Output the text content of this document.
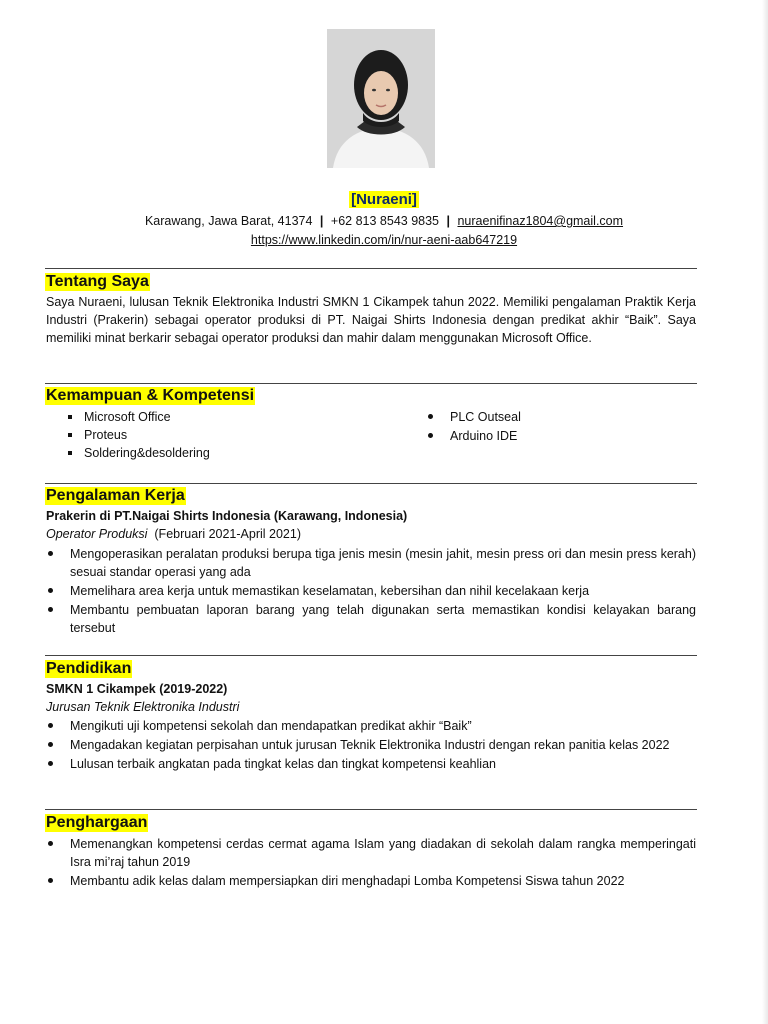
[Nuraeni]
Karawang, Jawa Barat, 41374 | +62 813 8543 9835 | nuraenifinaz1804@gmail.com
https://www.linkedin.com/in/nur-aeni-aab647219
Tentang Saya
Saya Nuraeni, lulusan Teknik Elektronika Industri SMKN 1 Cikampek tahun 2022. Memiliki pengalaman Praktik Kerja Industri (Prakerin) sebagai operator produksi di PT. Naigai Shirts Indonesia dengan predikat akhir “Baik”. Saya memiliki minat berkarir sebagai operator produksi dan mahir dalam menggunakan Microsoft Office.
Kemampuan & Kompetensi
Microsoft Office
Proteus
Soldering&desoldering
PLC Outseal
Arduino IDE
Pengalaman Kerja
Prakerin di PT.Naigai Shirts Indonesia (Karawang, Indonesia)
Operator Produksi (Februari 2021-April 2021)
Mengoperasikan peralatan produksi berupa tiga jenis mesin (mesin jahit, mesin press ori dan mesin press kerah) sesuai standar operasi yang ada
Memelihara area kerja untuk memastikan keselamatan, kebersihan dan nihil kecelakaan kerja
Membantu pembuatan laporan barang yang telah digunakan serta memastikan kondisi kelayakan barang tersebut
Pendidikan
SMKN 1 Cikampek (2019-2022)
Jurusan Teknik Elektronika Industri
Mengikuti uji kompetensi sekolah dan mendapatkan predikat akhir “Baik”
Mengadakan kegiatan perpisahan untuk jurusan Teknik Elektronika Industri dengan rekan panitia kelas 2022
Lulusan terbaik angkatan pada tingkat kelas dan tingkat kompetensi keahlian
Penghargaan
Memenangkan kompetensi cerdas cermat agama Islam yang diadakan di sekolah dalam rangka memperingati Isra mi’raj tahun 2019
Membantu adik kelas dalam mempersiapkan diri menghadapi Lomba Kompetensi Siswa tahun 2022
